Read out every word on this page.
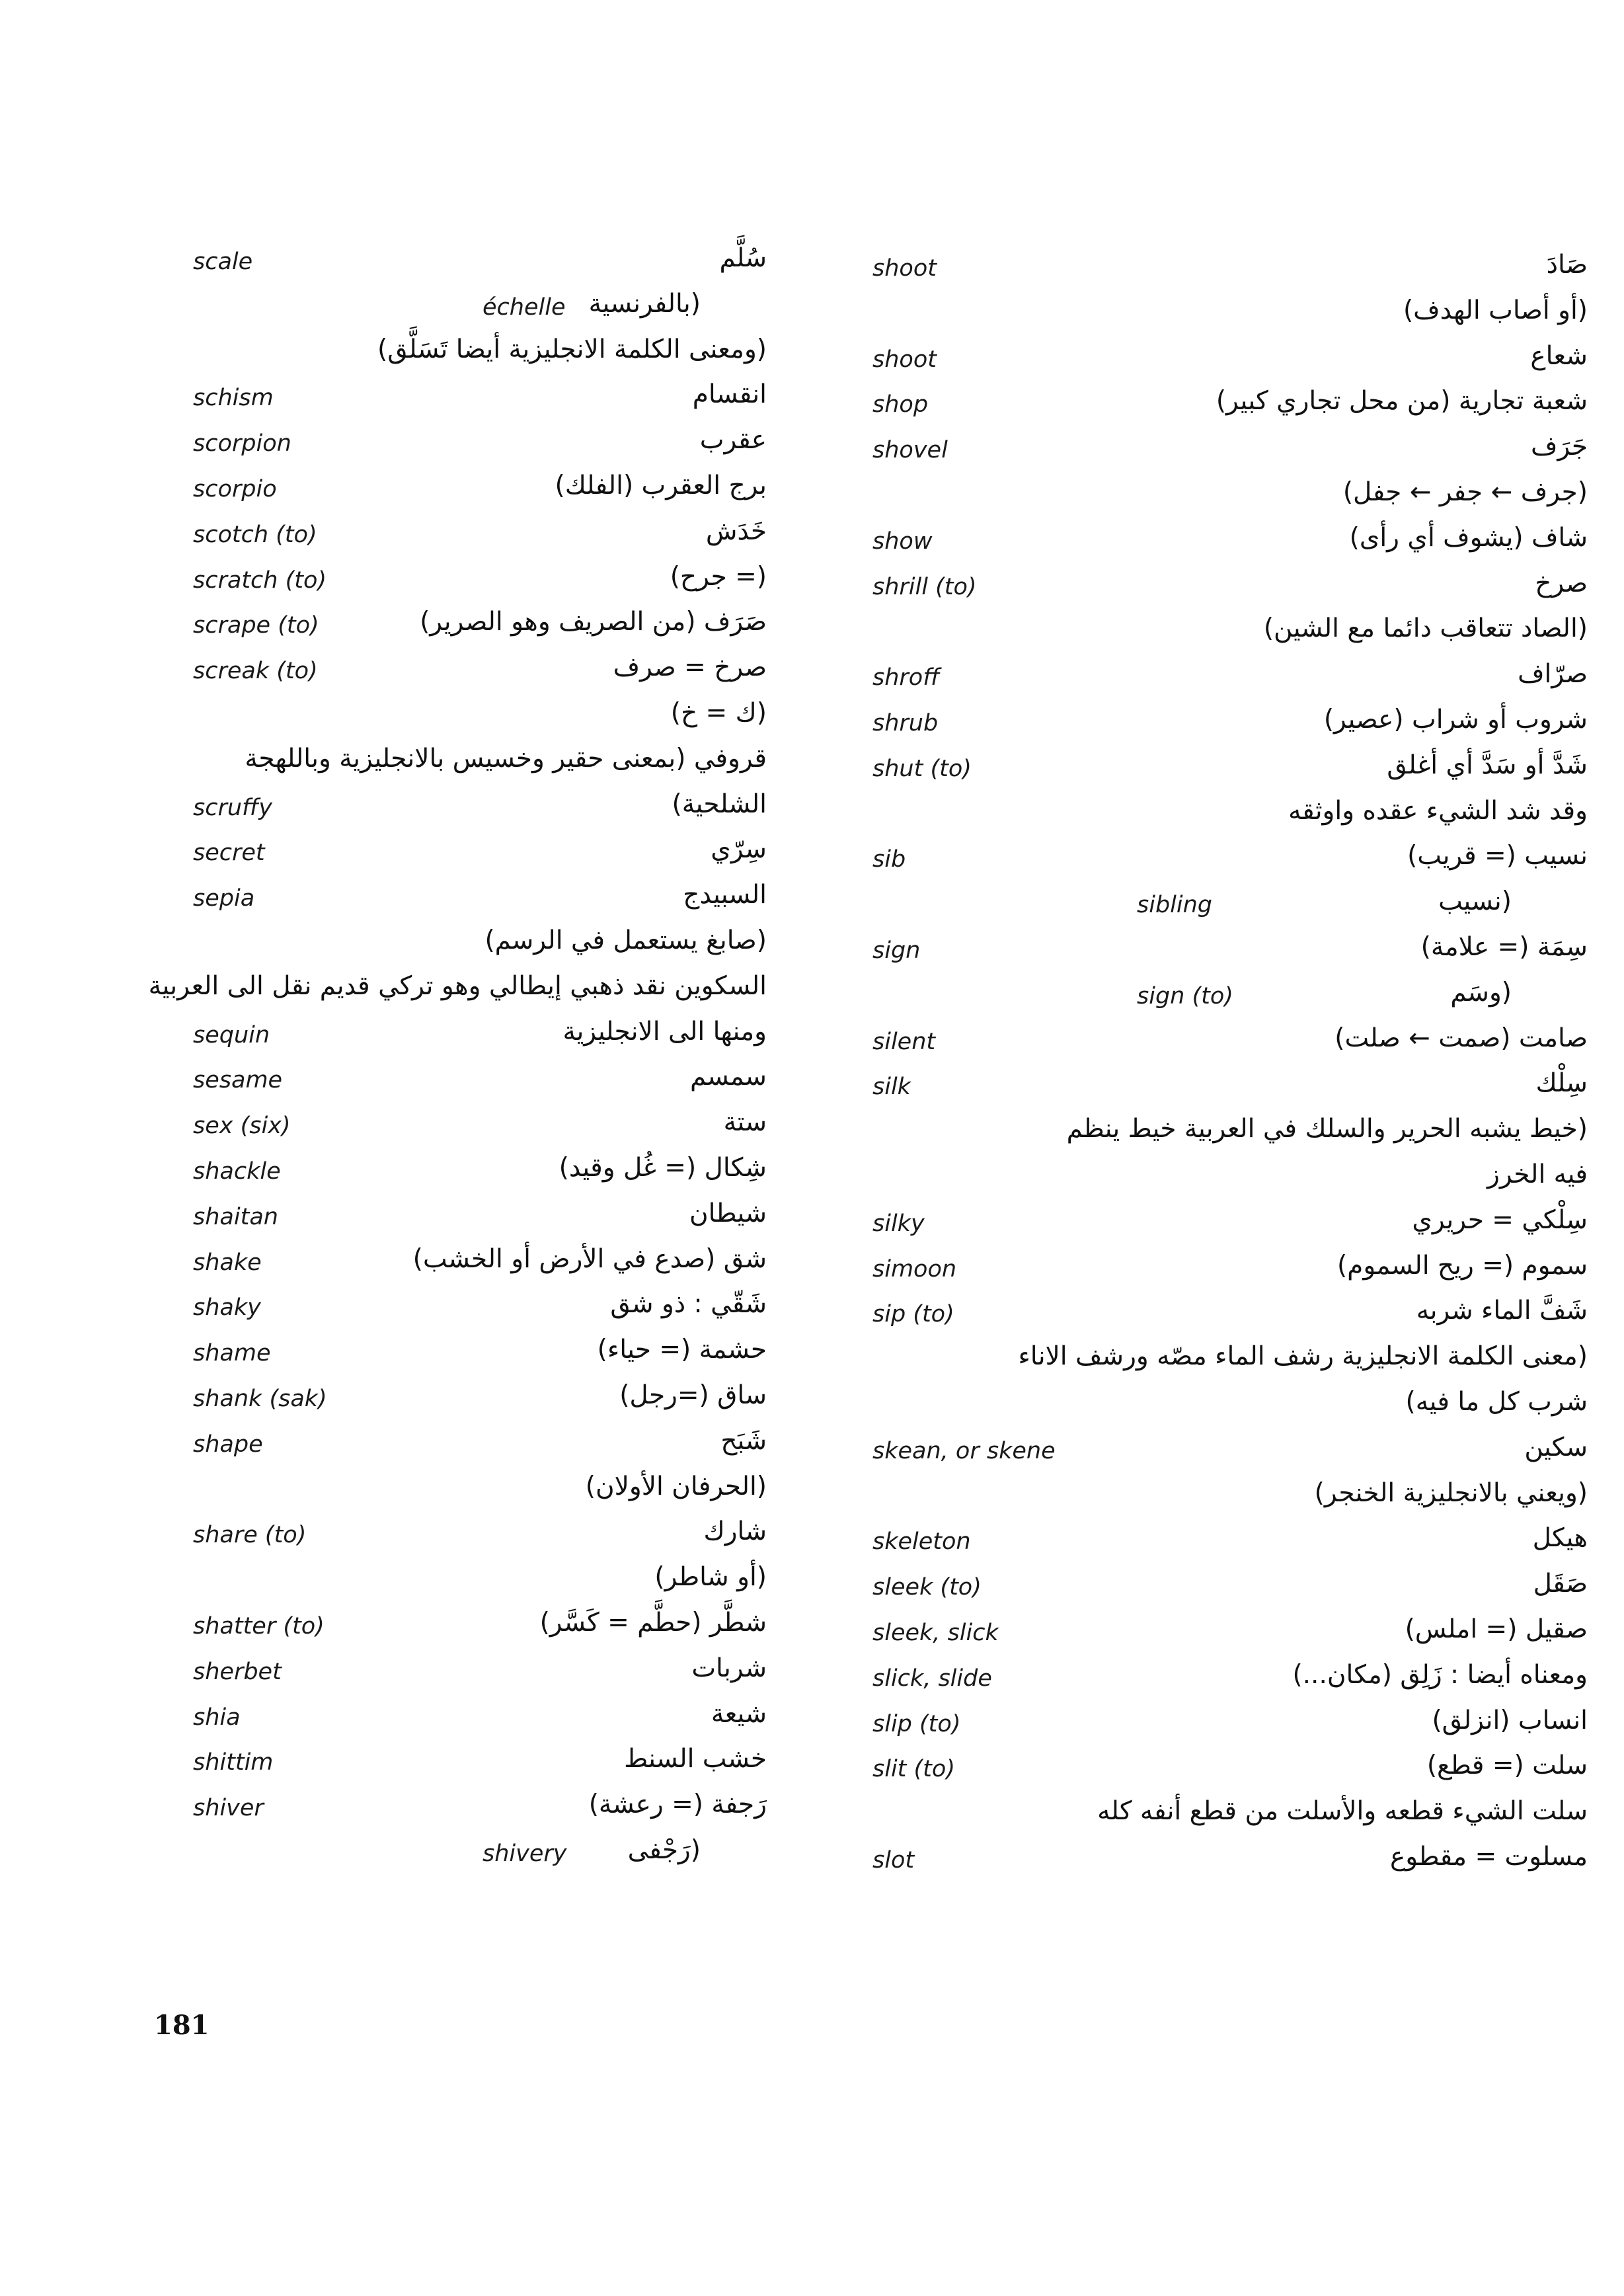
scale	سُلَّم
échelle (بالفرنسية
(ومعنى الكلمة الانجليزية أيضا تَسَلَّق)
schism	انقسام
scorpion	عقرب
scorpio	برج العقرب (الفلك)
scotch (to)	خَدَش
scratch (to)	(= جرح)
scrape (to)	صَرَف (من الصريف وهو الصرير)
screak (to)	صرخ = صرف
(ك = خ)
قروفي (بمعنى حقير وخسيس بالانجليزية وباللهجة
scruffy	الشلحية)
secret	سِرّي
sepia	السبيدج
(صابغ يستعمل في الرسم)
السكوين نقد ذهبي إيطالي وهو تركي قديم نقل الى العربية
sequin	ومنها الى الانجليزية
sesame	سمسم
sex (six)	ستة
shackle	شِكال (= غُل وقيد)
shaitan	شيطان
shake	شق (صدع في الأرض أو الخشب)
shaky	شَقّي : ذو شق
shame	حشمة (= حياء)
shank (sak)	ساق (=رجل)
shape	شَبَح
(الحرفان الأولان)
share (to)	شارك
(أو شاطر)
shatter (to)	شطَّر (حطَّم = كَسَّر)
sherbet	شربات
shia	شيعة
shittim	خشب السنط
shiver	رَجفة (= رعشة)
shivery (رَجْفى
shoot	صَادَ
(أو أصاب الهدف)
shoot	شعاع
shop	شعبة تجارية (من محل تجاري كبير)
shovel	جَرَف
(جرف ← جفر ← جفل)
show	شاف (يشوف أي رأى)
shrill (to)	صرخ
(الصاد تتعاقب دائما مع الشين)
shroff	صرّاف
shrub	شروب أو شراب (عصير)
shut (to)	شَدَّ أو سَدَّ أي أغلق
وقد شد الشيء عقده واوثقه
sib	نسيب (= قريب)
sibling	(نسيب
sign	سِمَة (= علامة)
sign (to)	(وسَم
silent	صامت (صمت ← صلت)
silk	سِلْك
(خيط يشبه الحرير والسلك في العربية خيط ينظم
فيه الخرز
silky	سِلْكي = حريري
simoon	سموم (= ريح السموم)
sip (to)	شَفَّ الماء شربه
(معنى الكلمة الانجليزية رشف الماء مصّه ورشف الاناء
شرب كل ما فيه)
skean, or skene	سكين
(ويعني بالانجليزية الخنجر)
skeleton	هيكل
sleek (to)	صَقَل
sleek, slick	صقيل (= املس)
slick, slide	ومعناه أيضا : زَلِق (مكان...)
slip (to)	انساب (انزلق)
slit (to)	سلت (= قطع)
سلت الشيء قطعه والأسلت من قطع أنفه كله
slot	مسلوت = مقطوع
181
